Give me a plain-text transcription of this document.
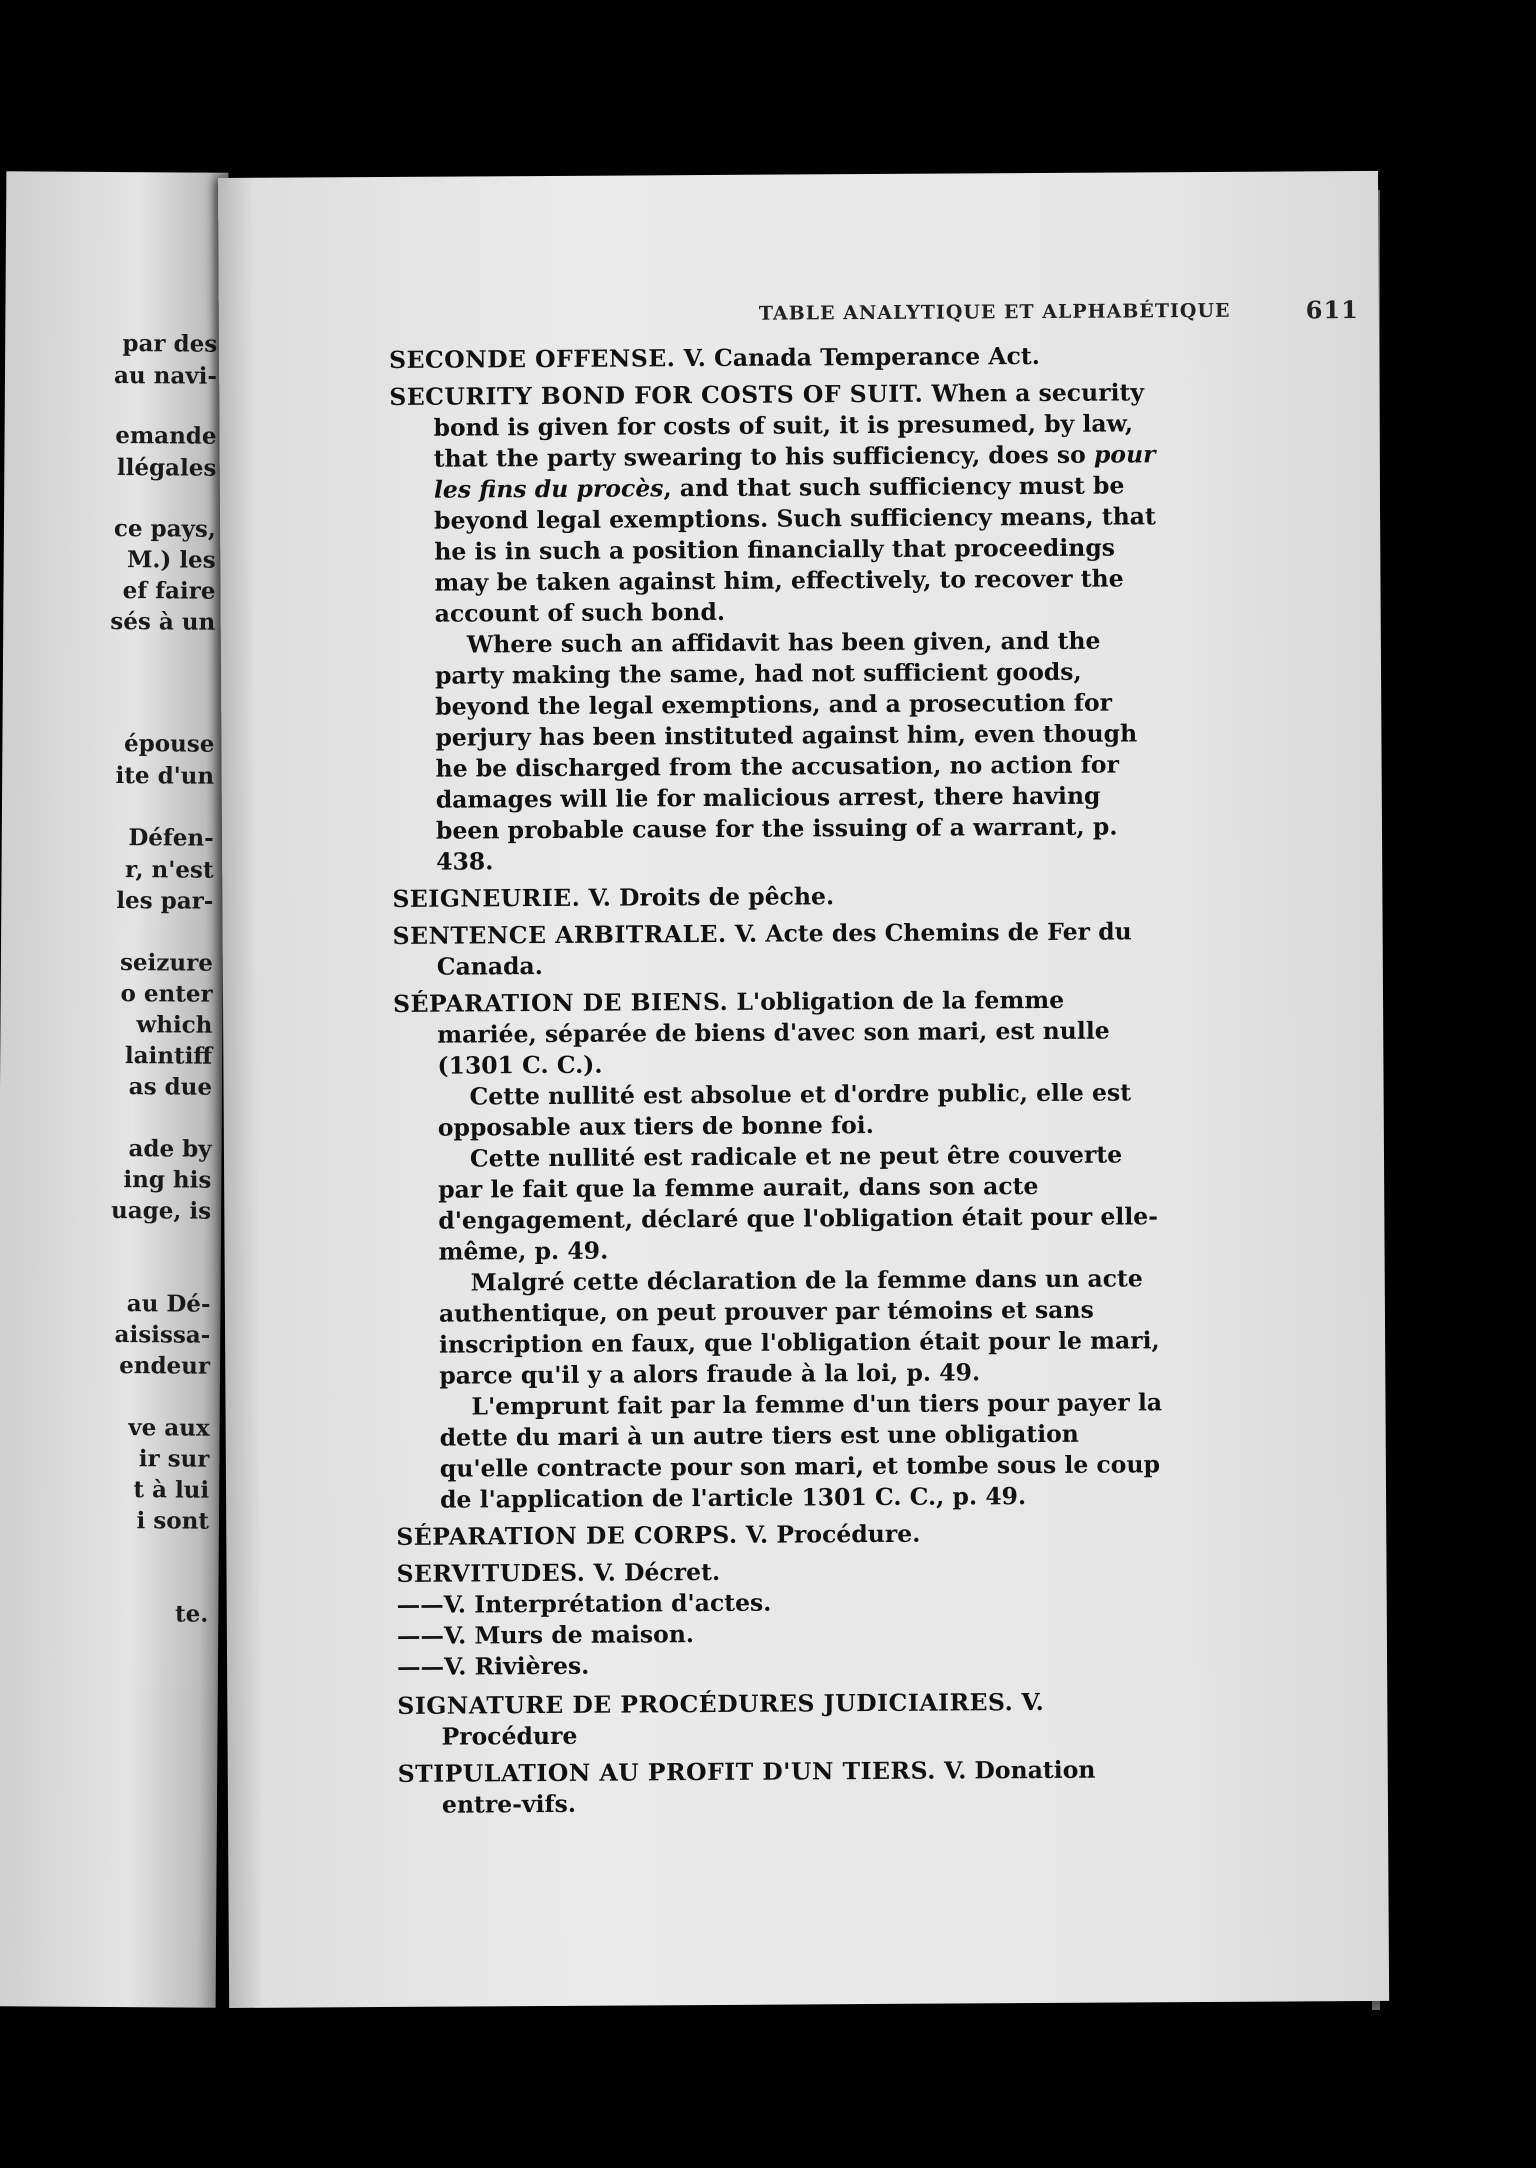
par des
au navi-
emande
llégales
ce pays,
M.) les
ef faire
sés à un
épouse
ite d'un
Défen-
r, n'est
les par-
seizure
o enter
which
laintiff
as due
ade by
ing his
uage, is
au Dé-
aisissa-
endeur
ve aux
ir sur
t à lui
i sont
te.
TABLE ANALYTIQUE ET ALPHABÉTIQUE	611

SECONDE OFFENSE. V. Canada Temperance Act.

SECURITY BOND FOR COSTS OF SUIT. When a security bond is given for costs of suit, it is presumed, by law, that the party swearing to his sufficiency, does so pour les fins du procès, and that such sufficiency must be beyond legal exemptions. Such sufficiency means, that he is in such a position financially that proceedings may be taken against him, effectively, to recover the account of such bond.

Where such an affidavit has been given, and the party making the same, had not sufficient goods, beyond the legal exemptions, and a prosecution for perjury has been instituted against him, even though he be discharged from the accusation, no action for damages will lie for malicious arrest, there having been probable cause for the issuing of a warrant, p. 438.

SEIGNEURIE. V. Droits de pêche.

SENTENCE ARBITRALE. V. Acte des Chemins de Fer du Canada.

SÉPARATION DE BIENS. L'obligation de la femme mariée, séparée de biens d'avec son mari, est nulle (1301 C. C.).

Cette nullité est absolue et d'ordre public, elle est opposable aux tiers de bonne foi.

Cette nullité est radicale et ne peut être couverte par le fait que la femme aurait, dans son acte d'engagement, déclaré que l'obligation était pour elle-même, p. 49.

Malgré cette déclaration de la femme dans un acte authentique, on peut prouver par témoins et sans inscription en faux, que l'obligation était pour le mari, parce qu'il y a alors fraude à la loi, p. 49.

L'emprunt fait par la femme d'un tiers pour payer la dette du mari à un autre tiers est une obligation qu'elle contracte pour son mari, et tombe sous le coup de l'application de l'article 1301 C. C., p. 49.

SÉPARATION DE CORPS. V. Procédure.

SERVITUDES. V. Décret.

——V. Interprétation d'actes.

——V. Murs de maison.

——V. Rivières.

SIGNATURE DE PROCÉDURES JUDICIAIRES. V. Procédure

STIPULATION AU PROFIT D'UN TIERS. V. Donation entre-vifs.
